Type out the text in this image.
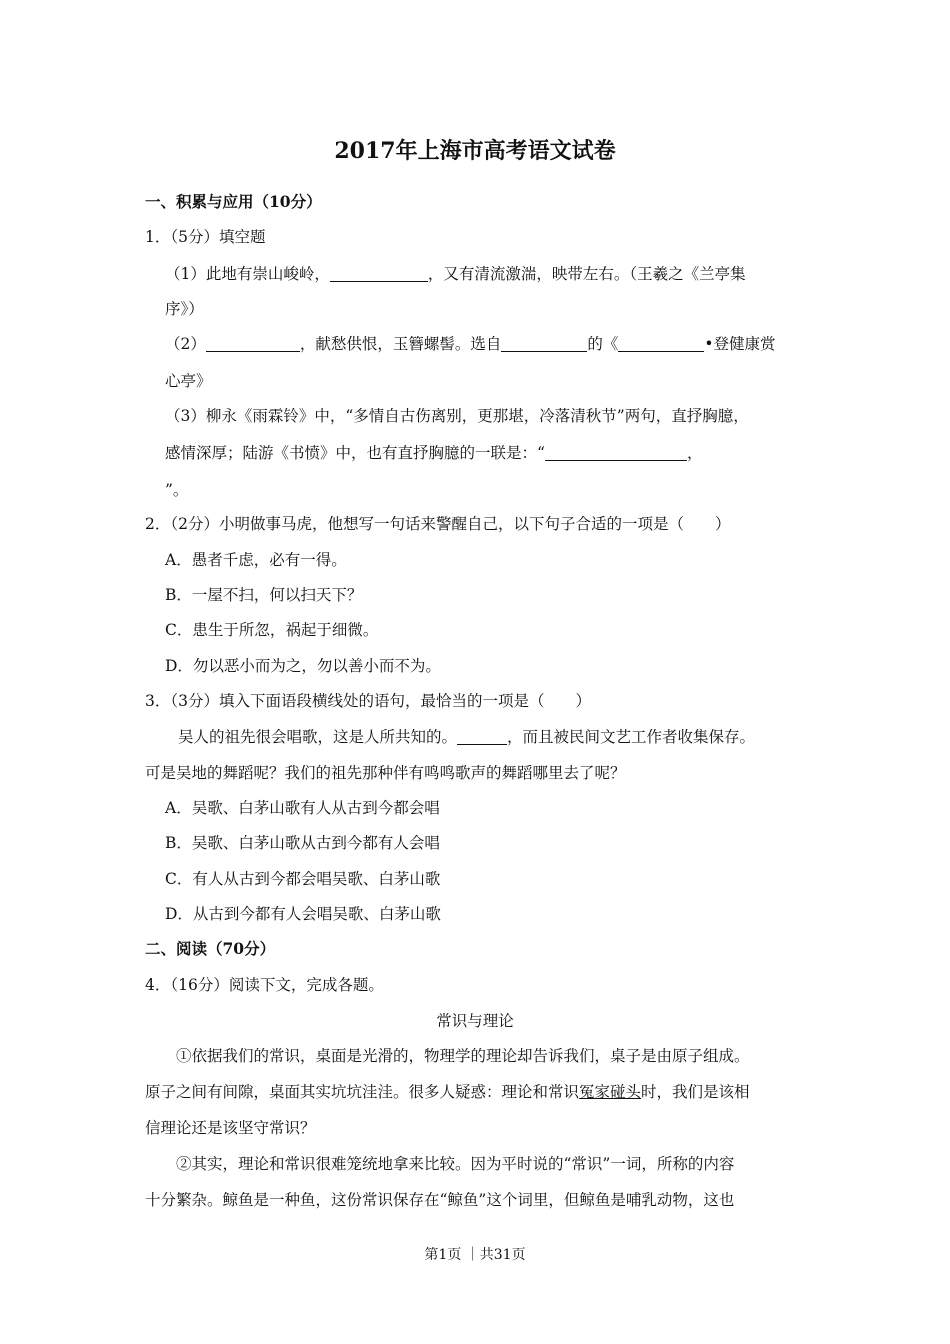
2017年上海市高考语文试卷
一、积累与应用（10分）
1．（5分）填空题
（1）此地有崇山峻岭，	，又有清流激湍，映带左右。（王羲之《兰亭集
序》）
（2）	，献愁供恨，玉簪螺髻。选自	的《	•登健康赏
心亭》
（3）柳永《雨霖铃》中，“多情自古伤离别，更那堪，冷落清秋节”两句，直抒胸臆，
感情深厚；陆游《书愤》中，也有直抒胸臆的一联是：“	，
”。
2．（2分）小明做事马虎，他想写一句话来警醒自己，以下句子合适的一项是（　　）
A．愚者千虑，必有一得。
B．一屋不扫，何以扫天下？
C．患生于所忽，祸起于细微。
D．勿以恶小而为之，勿以善小而不为。
3．（3分）填入下面语段横线处的语句，最恰当的一项是（　　）
吴人的祖先很会唱歌，这是人所共知的。	，而且被民间文艺工作者收集保存。
可是吴地的舞蹈呢？我们的祖先那种伴有鸣鸣歌声的舞蹈哪里去了呢？
A．吴歌、白茅山歌有人从古到今都会唱
B．吴歌、白茅山歌从古到今都有人会唱
C．有人从古到今都会唱吴歌、白茅山歌
D．从古到今都有人会唱吴歌、白茅山歌
二、阅读（70分）
4．（16分）阅读下文，完成各题。
常识与理论
①依据我们的常识，桌面是光滑的，物理学的理论却告诉我们，桌子是由原子组成。
原子之间有间隙，桌面其实坑坑洼洼。很多人疑惑：理论和常识冤家碰头时，我们是该相
信理论还是该坚守常识？
②其实，理论和常识很难笼统地拿来比较。因为平时说的“常识”一词，所称的内容
十分繁杂。鲸鱼是一种鱼，这份常识保存在“鲸鱼”这个词里，但鲸鱼是哺乳动物，这也
第1页 ｜共31页
